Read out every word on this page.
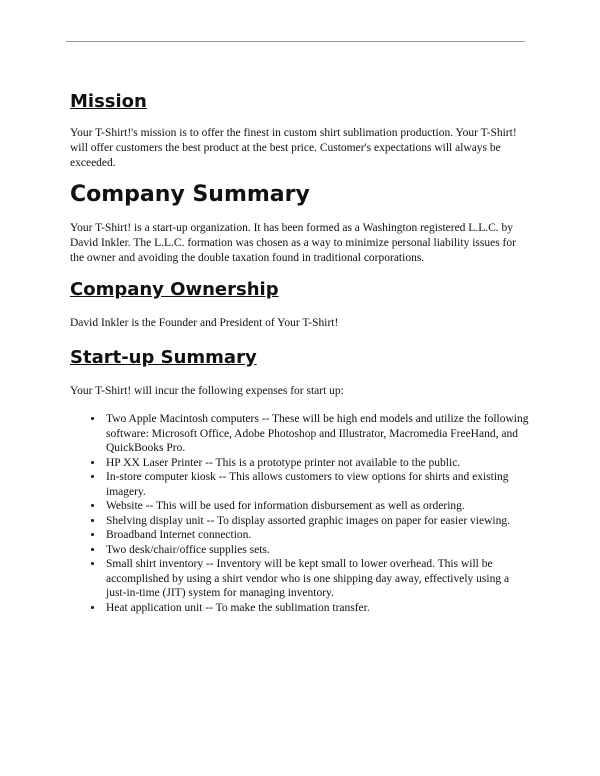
Mission

Your T-Shirt!'s mission is to offer the finest in custom shirt sublimation production. Your T-Shirt! will offer customers the best product at the best price. Customer's expectations will always be exceeded.

Company Summary

Your T-Shirt! is a start-up organization. It has been formed as a Washington registered L.L.C. by David Inkler. The L.L.C. formation was chosen as a way to minimize personal liability issues for the owner and avoiding the double taxation found in traditional corporations.

Company Ownership

David Inkler is the Founder and President of Your T-Shirt!

Start-up Summary

Your T-Shirt! will incur the following expenses for start up:

• Two Apple Macintosh computers -- These will be high end models and utilize the following software: Microsoft Office, Adobe Photoshop and Illustrator, Macromedia FreeHand, and QuickBooks Pro.
• HP XX Laser Printer -- This is a prototype printer not available to the public.
• In-store computer kiosk -- This allows customers to view options for shirts and existing imagery.
• Website -- This will be used for information disbursement as well as ordering.
• Shelving display unit -- To display assorted graphic images on paper for easier viewing.
• Broadband Internet connection.
• Two desk/chair/office supplies sets.
• Small shirt inventory -- Inventory will be kept small to lower overhead. This will be accomplished by using a shirt vendor who is one shipping day away, effectively using a just-in-time (JIT) system for managing inventory.
• Heat application unit -- To make the sublimation transfer.
